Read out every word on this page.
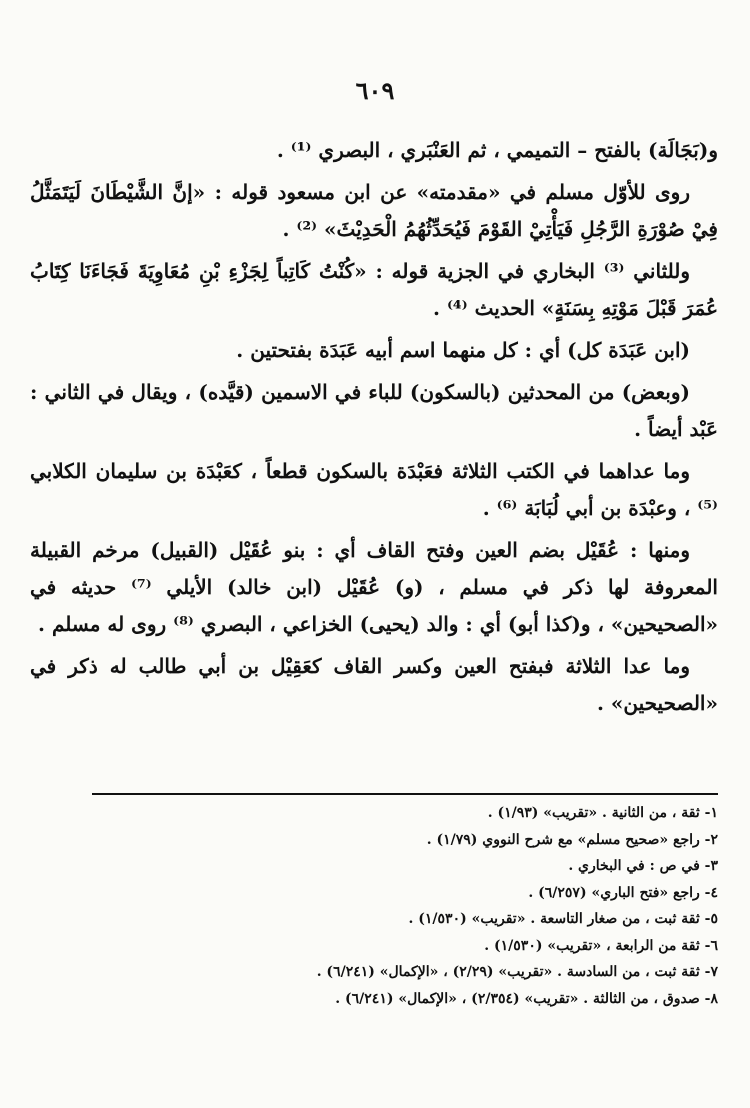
٦٠٩

و(بَجَالَة) بالفتح – التميمي ، ثم العَنْبَري ، البصري ⁽¹⁾ .

روى للأوّل مسلم في «مقدمته» عن ابن مسعود قوله : «إنَّ الشَّيْطَانَ لَيَتَمَثَّلُ فِيْ صُوْرَةِ الرَّجُلِ فَيَأْتِيْ القَوْمَ فَيُحَدِّثُهُمُ الْحَدِيْثَ» ⁽²⁾ .

وللثاني ⁽³⁾ البخاري في الجزية قوله : «كُنْتُ كَاتِباً لِجَزْءِ بْنِ مُعَاوِيَةَ فَجَاءَنَا كِتَابُ عُمَرَ قَبْلَ مَوْتِهِ بِسَنَةٍ» الحديث ⁽⁴⁾ .

(ابن عَبَدَة كل) أي : كل منهما اسم أبيه عَبَدَة بفتحتين .

(وبعض) من المحدثين (بالسكون) للباء في الاسمين (قيَّده) ، ويقال في الثاني : عَبْد أيضاً .

وما عداهما في الكتب الثلاثة فعَبْدَة بالسكون قطعاً ، كعَبْدَة بن سليمان الكلابي ⁽⁵⁾ ، وعبْدَة بن أبي لُبَابَة ⁽⁶⁾ .

ومنها : عُقَيْل بضم العين وفتح القاف أي : بنو عُقَيْل (القبيل) مرخم القبيلة المعروفة لها ذكر في مسلم ، (و) عُقَيْل (ابن خالد) الأيلي ⁽⁷⁾ حديثه في «الصحيحين» ، و(كذا أبو) أي : والد (يحيى) الخزاعي ، البصري ⁽⁸⁾ روى له مسلم .

وما عدا الثلاثة فبفتح العين وكسر القاف كعَقِيْل بن أبي طالب له ذكر في «الصحيحين» .

١- ثقة ، من الثانية . «تقريب» (١/٩٣) .
٢- راجع «صحيح مسلم» مع شرح النووي (١/٧٩) .
٣- في ص : في البخاري .
٤- راجع «فتح الباري» (٦/٢٥٧) .
٥- ثقة ثبت ، من صغار التاسعة . «تقريب» (١/٥٣٠) .
٦- ثقة من الرابعة ، «تقريب» (١/٥٣٠) .
٧- ثقة ثبت ، من السادسة . «تقريب» (٢/٢٩) ، «الإكمال» (٦/٢٤١) .
٨- صدوق ، من الثالثة . «تقريب» (٢/٣٥٤) ، «الإكمال» (٦/٢٤١) .
